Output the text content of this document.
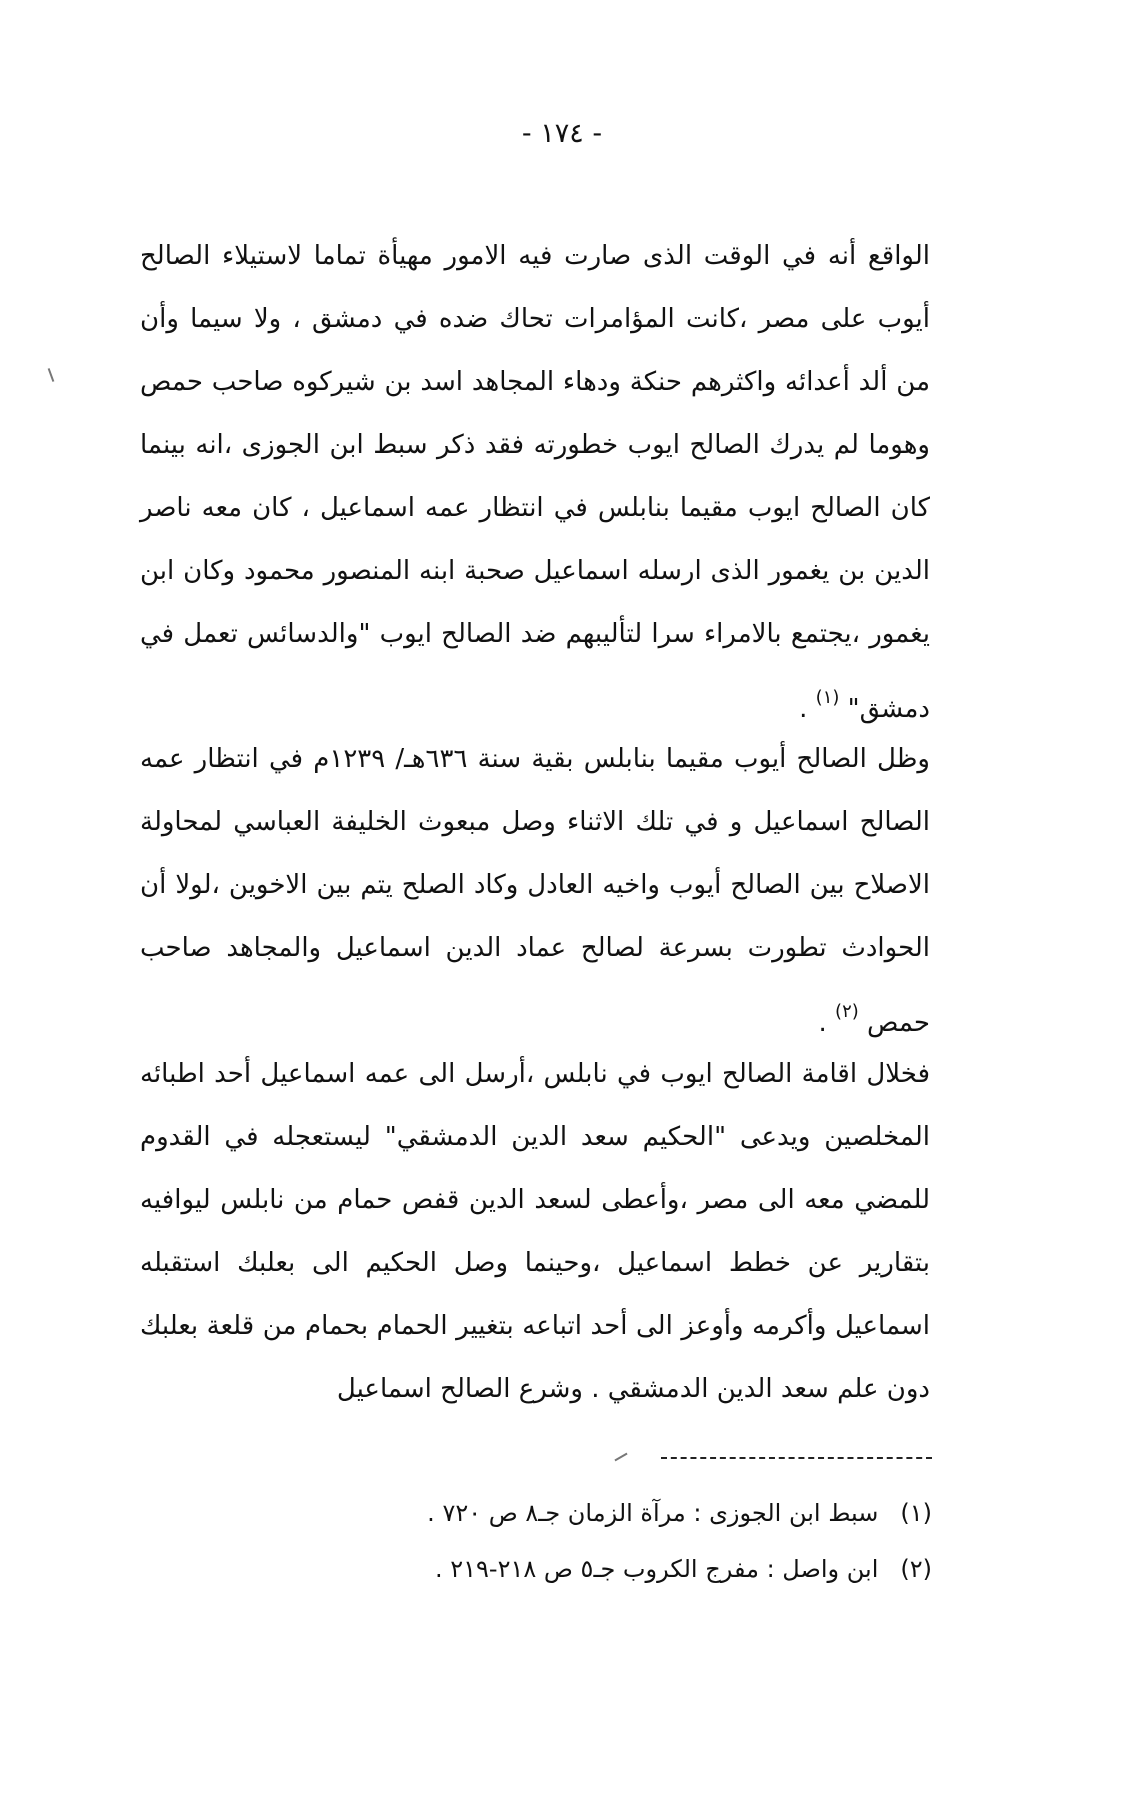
- ١٧٤ -
الواقع أنه في الوقت الذى صارت فيه الامور مهيأة تماما لاستيلاء الصالح أيوب على مصر ،كانت المؤامرات تحاك ضده في دمشق ، ولا سيما وأن من ألد أعدائه واكثرهم حنكة ودهاء المجاهد اسد بن شيركوه صاحب حمص وهوما لم يدرك الصالح ايوب خطورته فقد ذكر سبط ابن الجوزى ،انه بينما كان الصالح ايوب مقيما بنابلس في انتظار عمه اسماعيل ، كان معه ناصر الدين بن يغمور الذى ارسله اسماعيل صحبة ابنه المنصور محمود وكان ابن يغمور ،يجتمع بالامراء سرا لتأليبهم ضد الصالح ايوب "والدسائس تعمل في دمشق" $^{(١)}$ .
وظل الصالح أيوب مقيما بنابلس بقية سنة ٦٣٦هـ/ ١٢٣٩م في انتظار عمه الصالح اسماعيل و في تلك الاثناء وصل مبعوث الخليفة العباسي لمحاولة الاصلاح بين الصالح أيوب واخيه العادل وكاد الصلح يتم بين الاخوين ،لولا أن الحوادث تطورت بسرعة لصالح عماد الدين اسماعيل والمجاهد صاحب حمص $^{(٢)}$ .
فخلال اقامة الصالح ايوب في نابلس ،أرسل الى عمه اسماعيل أحد اطبائه المخلصين ويدعى "الحكيم سعد الدين الدمشقي" ليستعجله في القدوم للمضي معه الى مصر ،وأعطى لسعد الدين قفص حمام من نابلس ليوافيه بتقارير عن خطط اسماعيل ،وحينما وصل الحكيم الى بعلبك استقبله اسماعيل وأكرمه وأوعز الى أحد اتباعه بتغيير الحمام بحمام من قلعة بعلبك دون علم سعد الدين الدمشقي . وشرع الصالح اسماعيل
(١)
سبط ابن الجوزى : مرآة الزمان جـ٨ ص ٧٢٠ .
(٢)
ابن واصل : مفرج الكروب جـ٥ ص ٢١٨-٢١٩ .
